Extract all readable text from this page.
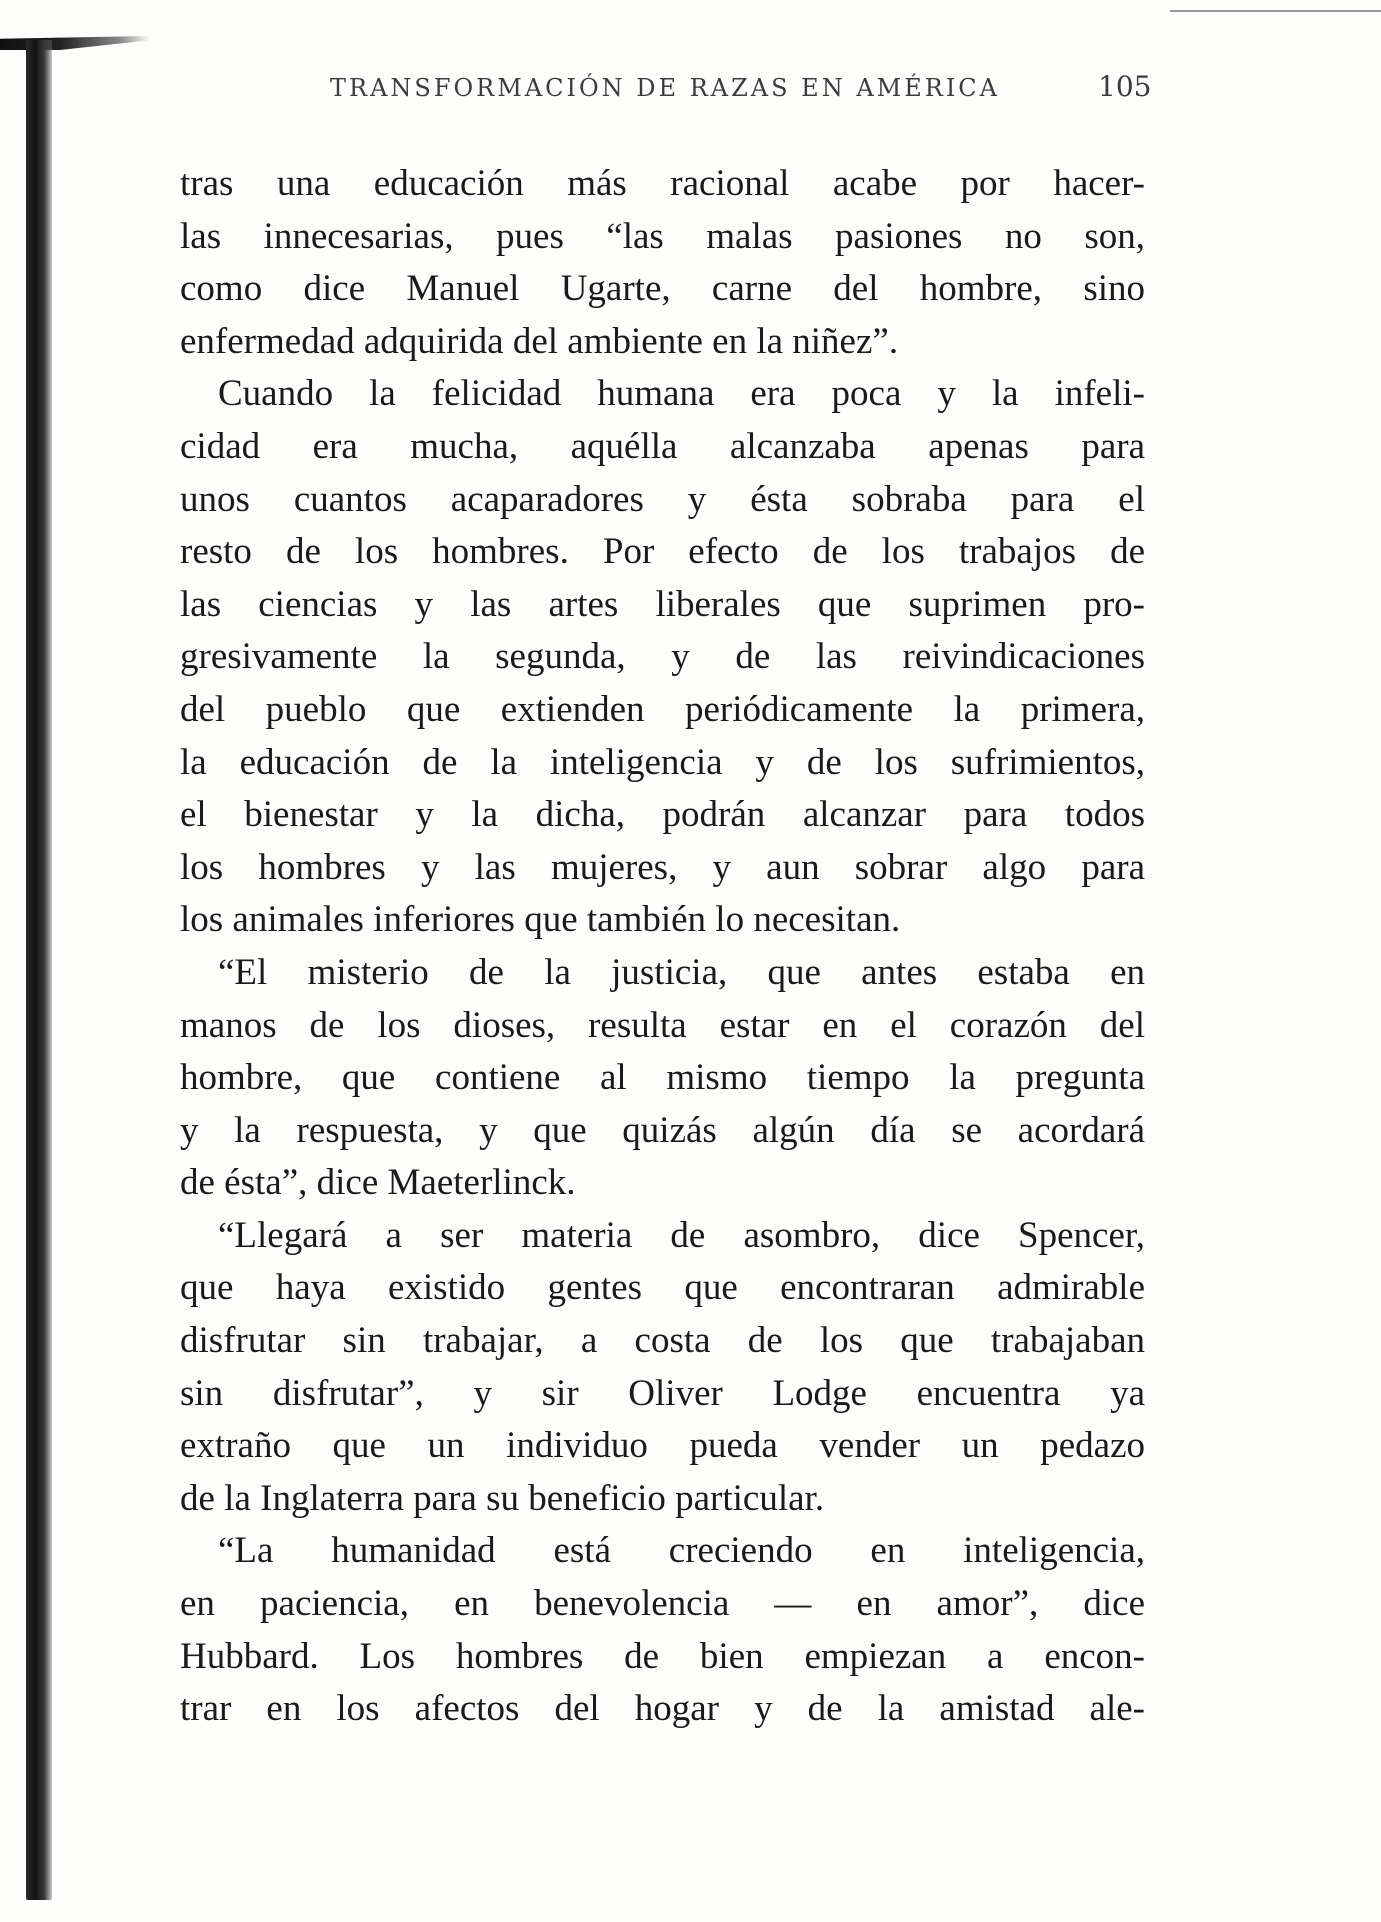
TRANSFORMACIÓN DE RAZAS EN AMÉRICA	105
tras una educación más racional acabe por hacer-
las innecesarias, pues “las malas pasiones no son,
como dice Manuel Ugarte, carne del hombre, sino
enfermedad adquirida del ambiente en la niñez”.
Cuando la felicidad humana era poca y la infeli-
cidad era mucha, aquélla alcanzaba apenas para
unos cuantos acaparadores y ésta sobraba para el
resto de los hombres. Por efecto de los trabajos de
las ciencias y las artes liberales que suprimen pro-
gresivamente la segunda, y de las reivindicaciones
del pueblo que extienden periódicamente la primera,
la educación de la inteligencia y de los sufrimientos,
el bienestar y la dicha, podrán alcanzar para todos
los hombres y las mujeres, y aun sobrar algo para
los animales inferiores que también lo necesitan.
“El misterio de la justicia, que antes estaba en
manos de los dioses, resulta estar en el corazón del
hombre, que contiene al mismo tiempo la pregunta
y la respuesta, y que quizás algún día se acordará
de ésta”, dice Maeterlinck.
“Llegará a ser materia de asombro, dice Spencer,
que haya existido gentes que encontraran admirable
disfrutar sin trabajar, a costa de los que trabajaban
sin disfrutar”, y sir Oliver Lodge encuentra ya
extraño que un individuo pueda vender un pedazo
de la Inglaterra para su beneficio particular.
“La humanidad está creciendo en inteligencia,
en paciencia, en benevolencia — en amor”, dice
Hubbard. Los hombres de bien empiezan a encon-
trar en los afectos del hogar y de la amistad ale-
